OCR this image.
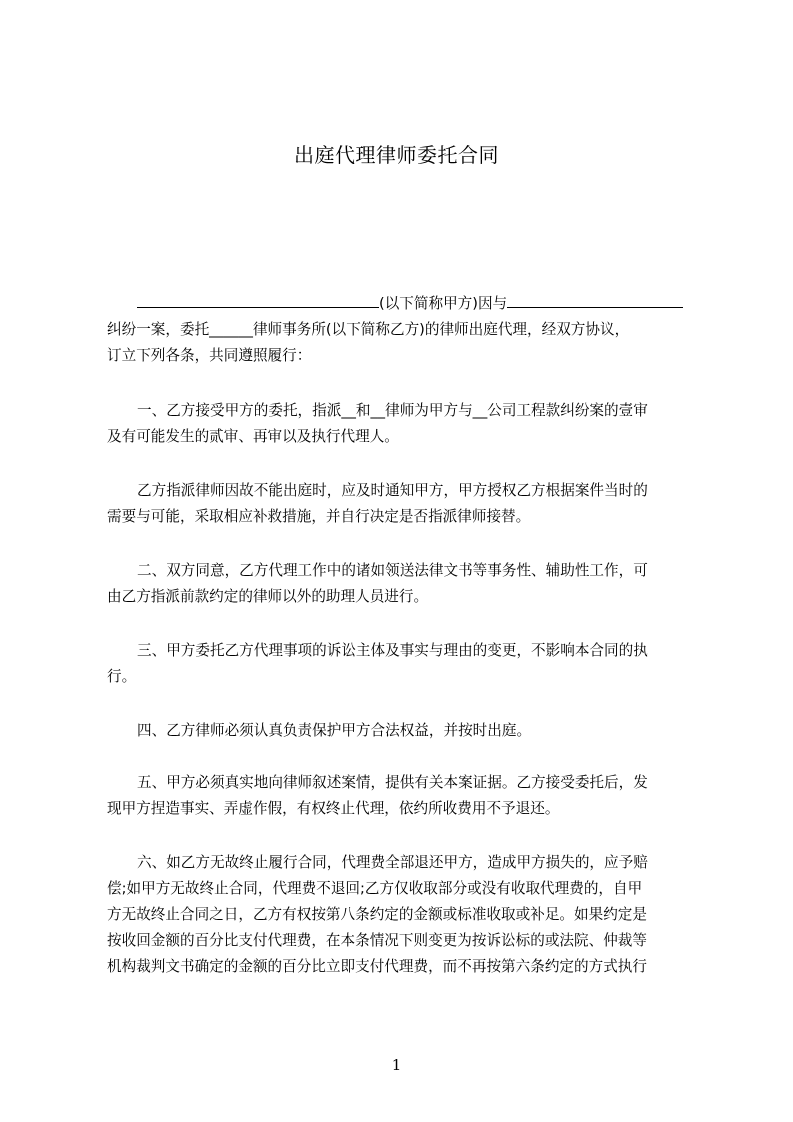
出庭代理律师委托合同
(以下简称甲方)因与
纠纷一案，委托______律师事务所(以下简称乙方)的律师出庭代理，经双方协议，
订立下列各条，共同遵照履行：
一、乙方接受甲方的委托，指派__和__律师为甲方与__公司工程款纠纷案的壹审
及有可能发生的贰审、再审以及执行代理人。
乙方指派律师因故不能出庭时，应及时通知甲方，甲方授权乙方根据案件当时的
需要与可能，采取相应补救措施，并自行决定是否指派律师接替。
二、双方同意，乙方代理工作中的诸如领送法律文书等事务性、辅助性工作，可
由乙方指派前款约定的律师以外的助理人员进行。
三、甲方委托乙方代理事项的诉讼主体及事实与理由的变更，不影响本合同的执
行。
四、乙方律师必须认真负责保护甲方合法权益，并按时出庭。
五、甲方必须真实地向律师叙述案情，提供有关本案证据。乙方接受委托后，发
现甲方捏造事实、弄虚作假，有权终止代理，依约所收费用不予退还。
六、如乙方无故终止履行合同，代理费全部退还甲方，造成甲方损失的，应予赔
偿;如甲方无故终止合同，代理费不退回;乙方仅收取部分或没有收取代理费的，自甲
方无故终止合同之日，乙方有权按第八条约定的金额或标准收取或补足。如果约定是
按收回金额的百分比支付代理费，在本条情况下则变更为按诉讼标的或法院、仲裁等
机构裁判文书确定的金额的百分比立即支付代理费，而不再按第六条约定的方式执行
1
